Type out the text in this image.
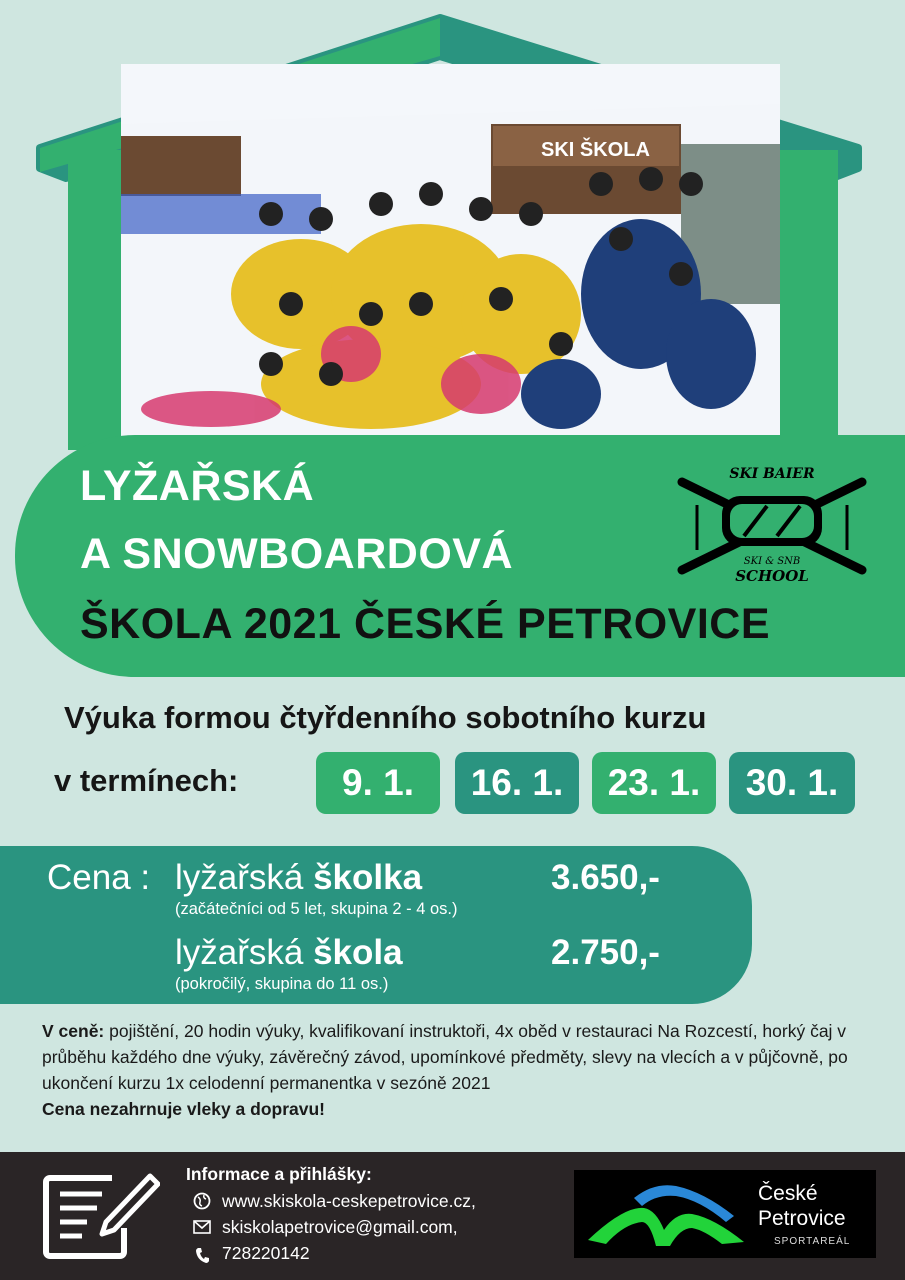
SKI ŠKOLA
LYŽAŘSKÁ
A SNOWBOARDOVÁ
ŠKOLA 2021 ČESKÉ PETROVICE
SKI BAIER
SKI & SNB
SCHOOL
Výuka formou čtyřdenního sobotního kurzu
v termínech:	9. 1.	16. 1.	23. 1.	30. 1.
Cena : lyžařská školka	3.650,-
(začátečníci od 5 let, skupina 2 - 4 os.)
lyžařská škola	2.750,-
(pokročilý, skupina do 11 os.)
V ceně: pojištění, 20 hodin výuky, kvalifikovaní instruktoři, 4x oběd v restauraci Na Rozcestí, horký čaj v průběhu každého dne výuky, závěrečný závod, upomínkové předměty, slevy na vlecích a v půjčovně, po ukončení kurzu 1x celodenní permanentka v sezóně 2021
Cena nezahrnuje vleky a dopravu!
Informace a přihlášky:
www.skiskola-ceskepetrovice.cz,
skiskolapetrovice@gmail.com,
728220142
České
Petrovice
SPORTAREÁL
